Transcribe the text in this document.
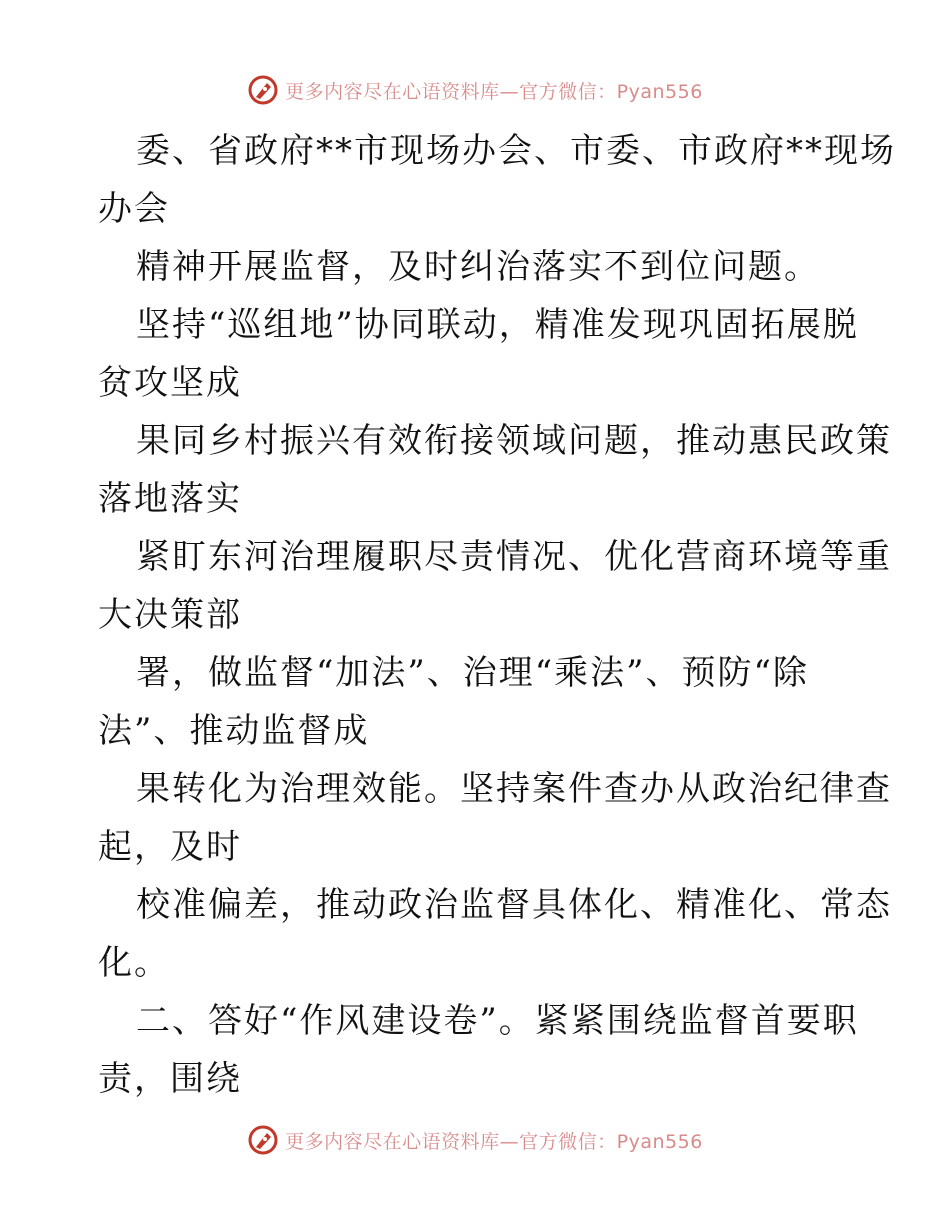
更多内容尽在心语资料库—官方微信：Pyan556

委、省政府**市现场办会、市委、市政府**现场

办会

精神开展监督，及时纠治落实不到位问题。

坚持“巡组地”协同联动，精准发现巩固拓展脱

贫攻坚成

果同乡村振兴有效衔接领域问题，推动惠民政策

落地落实

紧盯东河治理履职尽责情况、优化营商环境等重

大决策部

署，做监督“加法”、治理“乘法”、预防“除

法”、推动监督成

果转化为治理效能。坚持案件查办从政治纪律查

起，及时

校准偏差，推动政治监督具体化、精准化、常态

化。

二、答好“作风建设卷”。紧紧围绕监督首要职

责，围绕

更多内容尽在心语资料库—官方微信：Pyan556
